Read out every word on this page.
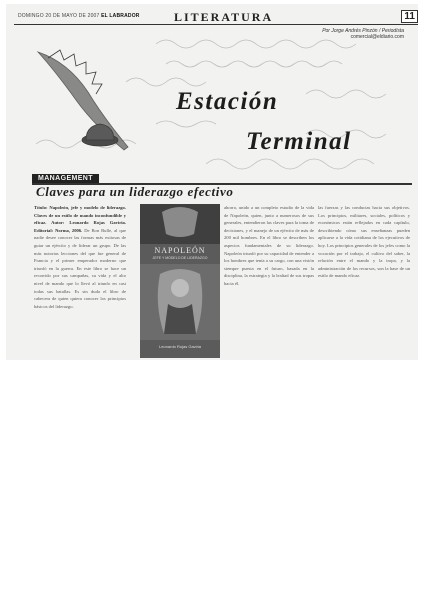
DOMINGO 20 DE MAYO DE 2007 EL LABRADOR	LITERATURA	11
Por Jorge Andrés Pinzón / Periodista
comercial@eldiario.com
Estación
Terminal
MANAGEMENT
Claves para un liderazgo efectivo
Título: Napoleón, jefe y modelo de liderazgo. Claves de un estilo de mando inconfundible y eficaz. Autor: Leonardo Rojas Gaviria. Editorial: Norma, 2006. De Bon Bulle, al que nadie desee conocer las formas más exitosas de guiar un ejército y de liderar un grupo. De las más notorias lecciones del que fue general de Francia y el primer emperador moderno que triunfó en la guerra. En este libro se hace un recorrido por sus campañas, su vida y el alto nivel de mando que lo llevó al triunfo en casi todas sus batallas. Es sin duda el libro de cabecera de quien quiera conocer los principios básicos del liderazgo.
NAPOLEÓN
JEFE Y MODELO DE LIDERAZGO
Leonardo Rojas Gaviria
ahorro, unido a un completo estudio de la vida de Napoleón, quien, junto a numerosos de sus generales, entendieron las claves para la toma de decisiones, y el manejo de un ejército de más de 200 mil hombres. En el libro se describen los aspectos fundamentales de su liderazgo. Napoleón triunfó por su capacidad de entender a los hombres que tenía a su cargo, con una visión siempre puesta en el futuro, basada en la disciplina, la estrategia y la lealtad de sus tropas hacia él.
las fuerzas y las conductas hacia sus objetivos. Los principios, militares, sociales, políticos y económicos están reflejados en cada capítulo, describiendo cómo sus enseñanzas pueden aplicarse a la vida cotidiana de los ejecutivos de hoy. Los principios generales de los jefes como la vocación por el trabajo, el cultivo del saber, la relación entre el mando y la tropa, y la administración de los recursos, son la base de un estilo de mando eficaz.
